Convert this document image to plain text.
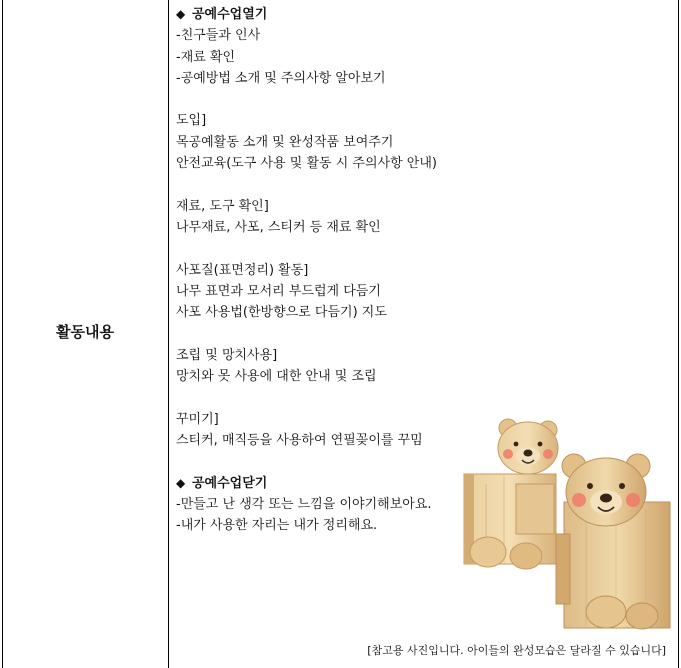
활동내용
◆ 공예수업열기
-친구들과 인사
-재료 확인
-공예방법 소개 및 주의사항 알아보기
도입]
목공예활동 소개 및 완성작품 보여주기
안전교육(도구 사용 및 활동 시 주의사항 안내)
재료, 도구 확인]
나무재료, 사포, 스티커 등 재료 확인
사포질(표면정리) 활동]
나무 표면과 모서리 부드럽게 다듬기
사포 사용법(한방향으로 다듬기) 지도
조립 및 망치사용]
망치와 못 사용에 대한 안내 및 조립
꾸미기]
스티커, 매직등을 사용하여 연필꽂이를 꾸밈
◆ 공예수업닫기
-만들고 난 생각 또는 느낌을 이야기해보아요.
-내가 사용한 자리는 내가 정리해요.
[참고용 사진입니다. 아이들의 완성모습은 달라질 수 있습니다]
